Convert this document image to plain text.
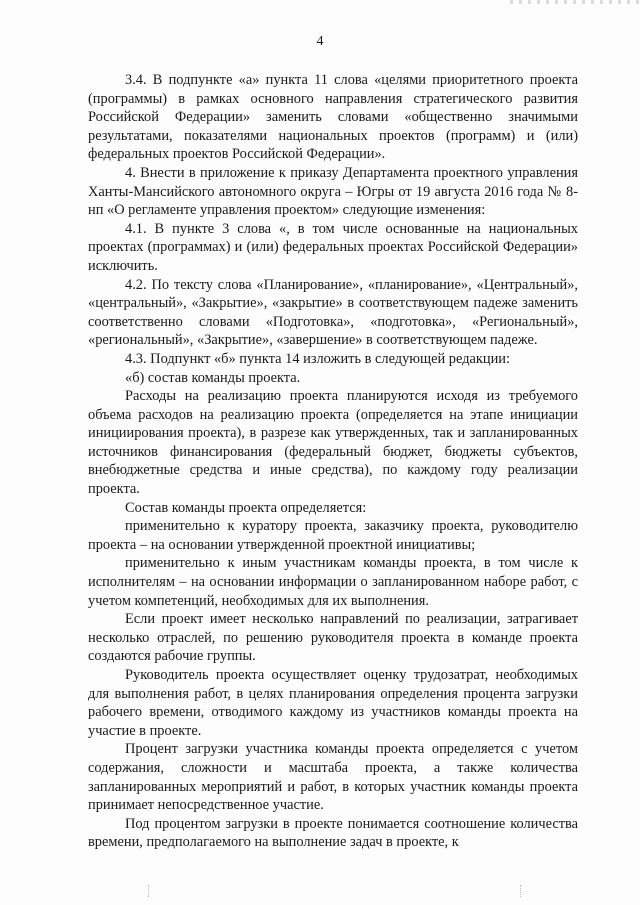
4

3.4. В подпункте «а» пункта 11 слова «целями приоритетного проекта (программы) в рамках основного направления стратегического развития Российской Федерации» заменить словами «общественно значимыми результатами, показателями национальных проектов (программ) и (или) федеральных проектов Российской Федерации».

4. Внести в приложение к приказу Департамента проектного управления Ханты-Мансийского автономного округа – Югры от 19 августа 2016 года № 8-нп «О регламенте управления проектом» следующие изменения:

4.1. В пункте 3 слова «, в том числе основанные на национальных проектах (программах) и (или) федеральных проектах Российской Федерации» исключить.

4.2. По тексту слова «Планирование», «планирование», «Центральный», «центральный», «Закрытие», «закрытие» в соответствующем падеже заменить соответственно словами «Подготовка», «подготовка», «Региональный», «региональный», «Закрытие», «завершение» в соответствующем падеже.

4.3. Подпункт «б» пункта 14 изложить в следующей редакции:

«б) состав команды проекта.

Расходы на реализацию проекта планируются исходя из требуемого объема расходов на реализацию проекта (определяется на этапе инициации инициирования проекта), в разрезе как утвержденных, так и запланированных источников финансирования (федеральный бюджет, бюджеты субъектов, внебюджетные средства и иные средства), по каждому году реализации проекта.

Состав команды проекта определяется:

применительно к куратору проекта, заказчику проекта, руководителю проекта – на основании утвержденной проектной инициативы;

применительно к иным участникам команды проекта, в том числе к исполнителям – на основании информации о запланированном наборе работ, с учетом компетенций, необходимых для их выполнения.

Если проект имеет несколько направлений по реализации, затрагивает несколько отраслей, по решению руководителя проекта в команде проекта создаются рабочие группы.

Руководитель проекта осуществляет оценку трудозатрат, необходимых для выполнения работ, в целях планирования определения процента загрузки рабочего времени, отводимого каждому из участников команды проекта на участие в проекте.

Процент загрузки участника команды проекта определяется с учетом содержания, сложности и масштаба проекта, а также количества запланированных мероприятий и работ, в которых участник команды проекта принимает непосредственное участие.

Под процентом загрузки в проекте понимается соотношение количества времени, предполагаемого на выполнение задач в проекте, к
